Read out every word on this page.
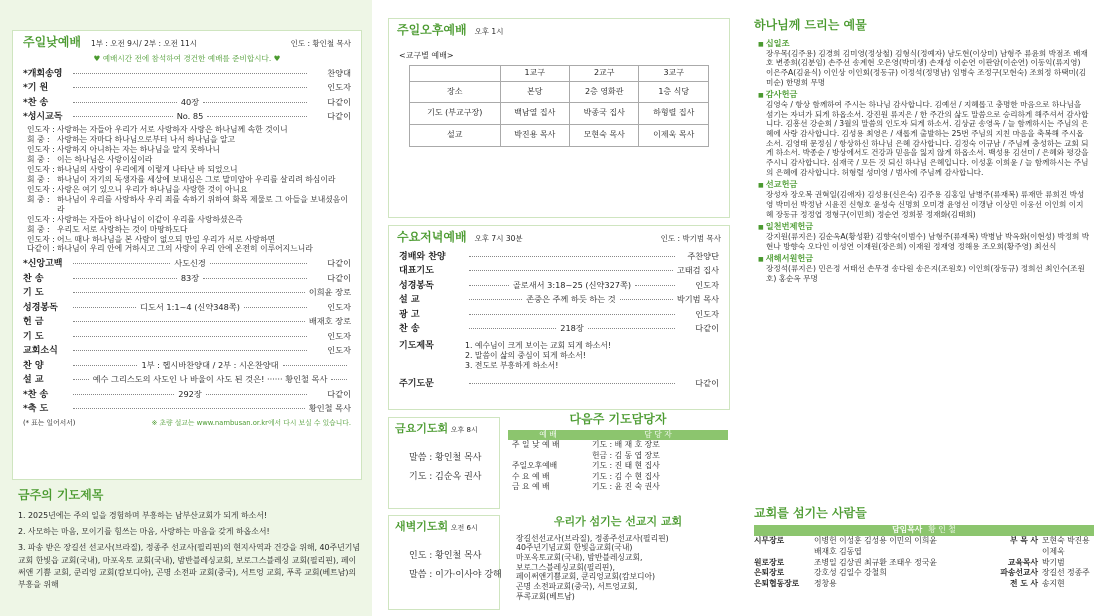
주일낮예배 1부 : 오전 9시/ 2부 : 오전 11시	인도 : 황인철 목사
♥ 예배시간 전에 참석하여 경건한 예배를 준비합시다. ♥
*개회송영	찬양대
*기 원	인도자
*찬 송	40장	다같이
*성시교독	No. 85	다같이
인도자 : 사랑하는 자들아 우리가 서로 사랑하자 사랑은 하나님께 속한 것이니
회 중 : 사랑하는 자마다 하나님으로부터 나서 하나님을 알고
인도자 : 사랑하지 아니하는 자는 하나님을 알지 못하나니
회 중 : 이는 하나님은 사랑이심이라
인도자 : 하나님의 사랑이 우리에게 이렇게 나타난 바 되었으니
회 중 : 하나님이 자기의 독생자를 세상에 보내심은 그로 말미암아 우리를 살리려 하심이라
인도자 : 사랑은 여기 있으니 우리가 하나님을 사랑한 것이 아니요
회 중 : 하나님이 우리를 사랑하사 우리 죄를 속하기 위하여 화목 제물로 그 아들을 보내셨음이라
인도자 : 사랑하는 자들아 하나님이 이같이 우리를 사랑하셨은즉
회 중 : 우리도 서로 사랑하는 것이 마땅하도다
인도자 : 어느 때나 하나님을 본 사람이 없으되 만일 우리가 서로 사랑하면
다같이 : 하나님이 우리 안에 거하시고 그의 사랑이 우리 안에 온전히 이루어지느니라
*신앙고백	사도신경	다같이
찬 송	83장	다같이
기 도	이희윤 장로
성경봉독	디도서 1:1~4 (신약348쪽)	인도자
헌 금	배재호 장로
기 도	인도자
교회소식	인도자
찬 양	1부 : 헵시바찬양대 / 2부 : 시온찬양대
설 교	예수 그리스도의 사도인 나 바울이 사도 된 것은! ······ 황인철 목사
*찬 송	292장	다같이
*축 도	황인철 목사
(* 표는 일어서서)	※ 초량 설교는 www.nambusan.or.kr에서 다시 보실 수 있습니다.
금주의 기도제목
1. 2025년에는 주의 일을 경험하며 부흥하는 남부산교회가 되게 하소서!
2. 사모하는 마음, 모이기를 힘쓰는 마음, 사랑하는 마음을 갖게 하옵소서!
3. 파송 받은 장길선 선교사(브라질), 정종주 선교사(필리핀)의 현지사역과 건강을 위해, 40주년기념교회 한빛읍 교회(국내), 마포옥토 교회(국내), 밤반블레싱교회, 보로그스블레싱 교회(필리핀), 페이써앤 기쁨 교회, 쿤리엉 교회(캄보디아), 곤명 소전파 교회(중국), 서트엉 교회, 푸콕 교회(베트남)의 부흥을 위해
주일오후예배 오후 1시
<교구별 예배>
	1교구	2교구	3교구
장소	본당	2층 영화관	1층 식당
기도 (부교구장)	백남열 집사	박종국 집사	하형렬 집사
설교	박진용 목사	모현숙 목사	이제욱 목사
수요저녁예배 오후 7시 30분	인도 : 박기범 목사
경배와 찬양	주찬양단
대표기도	고태검 집사
성경봉독	골로새서 3:18~25 (신약327쪽)	인도자
설 교	존중은 주께 하듯 하는 것	박기범 목사
광 고	인도자
찬 송	218장	다같이
기도제목	1. 예수님이 크게 보이는 교회 되게 하소서!
2. 말씀이 삶의 중심이 되게 하소서!
3. 전도로 부흥하게 하소서!
주기도문	다같이
금요기도회 오후 8시
말씀 : 황인철 목사
기도 : 김순옥 권사
새벽기도회 오전 6시
인도 : 황인철 목사
말씀 : 이가·이사야 강해
다음주 기도담당자
예 배	담 당 자
주 일 낮 예 배	기도 : 배 재 호 장로
헌금 : 김 동 엽 장로
주일오후예배	기도 : 진 태 현 집사
수 요 예 배	기도 : 김 수 현 집사
금 요 예 배	기도 : 윤 진 숙 권사
우리가 섬기는 선교지 교회
장길선선교사(브라질), 정종주선교사(필리핀)
40주년기념교회 한빛읍교회(국내)
마포옥토교회(국내), 밤반블레싱교회,
보로그스블레싱교회(필리핀),
페이써앤기쁨교회, 쿤리엉교회(캄보디아)
곤명 소전파교회(중국), 서트엉교회,
푸콕교회(베트남)
하나님께 드리는 예물
■ 십일조
장우목(김주용) 김경희 김미영(정상철) 김형식(정예자) 남도현(이상미) 남형주 류윤희 박점조 배재호 변종희(김분임) 손주선 송계현 오은영(박미생) 손재성 이순연 이판암(이순연) 이동익(류지영) 이은주A(김윤식) 이인상 이인회(정동규) 이정석(정명남) 임병숙 조정구(모현숙) 조희정 하택미(김미순) 한명희 무명
■ 감사헌금
김영숙 / 항상 함께하여 주시는 하나님 감사합니다. 김예선 / 지혜롭고 충명한 마음으로 하나님을 섬기는 자녀가 되게 하옵소서. 강진원 류지은 / 한 주간의 삶도 말씀으로 승리하게 해주셔서 감사합니다. 김흥선 강순희 / 3월의 말씀의 인도자 되게 하소서. 김상균 송영옥 / 늘 함께하시는 주님의 은혜에 사랑 감사합니다. 김성용 최영은 / 새롭게 출발하는 25번 주님의 지친 마음을 축복해 주시옵소서. 김영태 문정심 / 항상하신 하나님 은혜 감사합니다. 김정숙 이규남 / 주님께 충성하는 교회 되게 하소서. 박종순 / 방상에서도 건강과 믿음을 잃지 않게 하옵소서. 백성용 김선미 / 은혜와 평강을 주시니 감사합니다. 심재국 / 모든 것 되신 하나님 은혜입니다. 이성훈 이희윤 / 늘 함께하시는 주님의 은혜에 감사합니다. 허형렬 성미영 / 범사에 주님께 감사합니다.
■ 선교헌금
장성자 장오복 권혁일(김애자) 김성용(신은숙) 김주용 김홍일 남병주(류재복) 류재만 류희진 박성영 박미선 박정남 시윤진 신형호 윤성숙 신명희 오미경 윤영선 이갱남 이상민 이웅선 이인희 이지혜 장동규 정정엽 정형구(이민희) 정순연 정희봉 정재화(김태희)
■ 일천번제헌금
강지원(류지은) 김순옥A(황성환) 김향숙(이범수) 남형주(류재복) 박병남 박옥화(이현성) 박정희 박현나 방향숙 오다인 이성연 이재원(장은희) 이재원 정재영 정해용 조오희(황주영) 최선식
■ 새해서원헌금
장정석(류지은) 민은정 서태선 손무경 송다원 송은지(조원호) 이인희(장동규) 정희선 최인수(조원호) 홍순옥 무명
교회를 섬기는 사람들
담임목사 황 인 철
시무장로	이병헌 이성훈 김성용 이민의 이희윤	부 목 사 모현숙 박진용
배재호 김동엽	이제욱
원로장로	조병일 김상권 최규환 조태우 정국윤	교육목사 박기범
은퇴장로	강호성 김일수 강철희	파송선교사 장길선 정종주
은퇴협동장로	정창용	전 도 사 송지현
